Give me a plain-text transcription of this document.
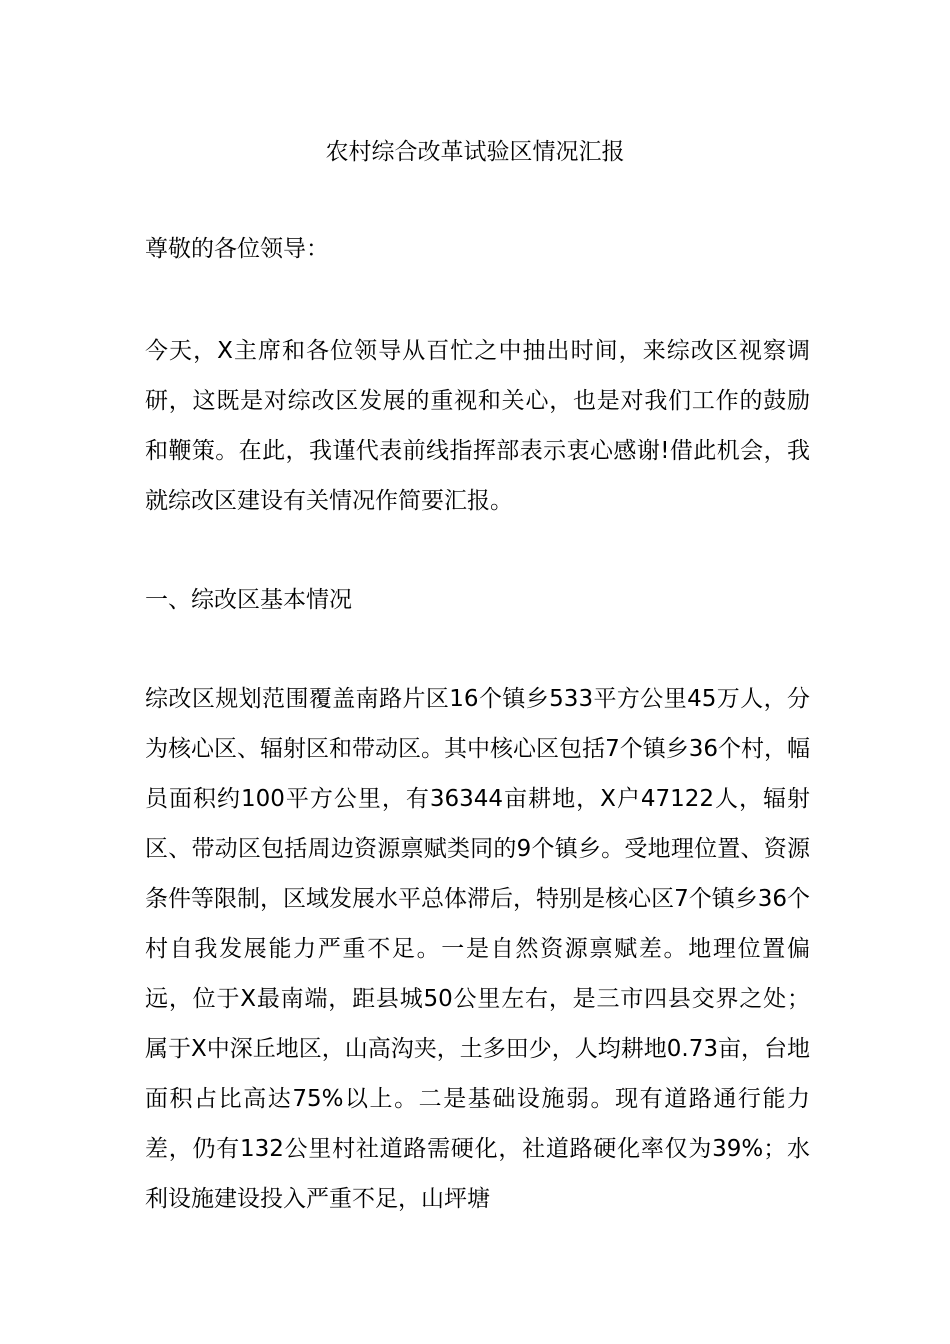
农村综合改革试验区情况汇报

尊敬的各位领导：

今天，X主席和各位领导从百忙之中抽出时间，来综改区视察调研，这既是对综改区发展的重视和关心，也是对我们工作的鼓励和鞭策。在此，我谨代表前线指挥部表示衷心感谢!借此机会，我就综改区建设有关情况作简要汇报。

一、综改区基本情况

综改区规划范围覆盖南路片区16个镇乡533平方公里45万人，分为核心区、辐射区和带动区。其中核心区包括7个镇乡36个村，幅员面积约100平方公里，有36344亩耕地，X户47122人，辐射区、带动区包括周边资源禀赋类同的9个镇乡。受地理位置、资源条件等限制，区域发展水平总体滞后，特别是核心区7个镇乡36个村自我发展能力严重不足。一是自然资源禀赋差。地理位置偏远，位于X最南端，距县城50公里左右，是三市四县交界之处；属于X中深丘地区，山高沟夹，土多田少，人均耕地0.73亩，台地面积占比高达75%以上。二是基础设施弱。现有道路通行能力差，仍有132公里村社道路需硬化，社道路硬化率仅为39%；水利设施建设投入严重不足，山坪塘
